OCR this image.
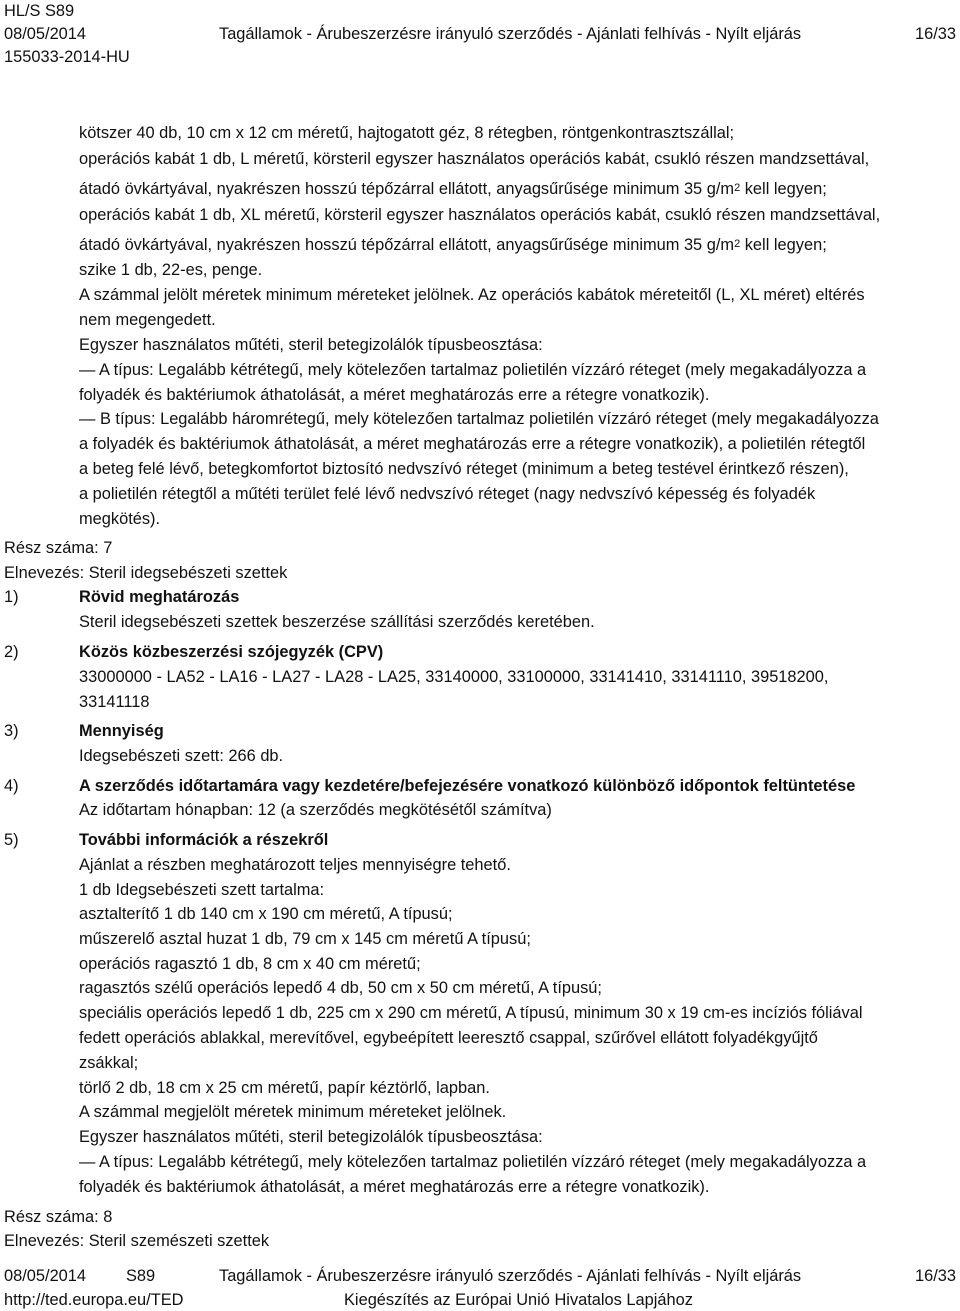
HL/S S89
08/05/2014
155033-2014-HU
Tagállamok - Árubeszerzésre irányuló szerződés - Ajánlati felhívás - Nyílt eljárás	16/33
kötszer 40 db, 10 cm x 12 cm méretű, hajtogatott géz, 8 rétegben, röntgenkontrasztszállal;
operációs kabát 1 db, L méretű, körsteril egyszer használatos operációs kabát, csukló részen mandzsettával,
átadó övkártyával, nyakrészen hosszú tépőzárral ellátott, anyagsűrűsége minimum 35 $g/m^2$ kell legyen;
operációs kabát 1 db, XL méretű, körsteril egyszer használatos operációs kabát, csukló részen mandzsettával,
átadó övkártyával, nyakrészen hosszú tépőzárral ellátott, anyagsűrűsége minimum 35 $g/m^2$ kell legyen;
szike 1 db, 22-es, penge.
A számmal jelölt méretek minimum méreteket jelölnek. Az operációs kabátok méreteitől (L, XL méret) eltérés
nem megengedett.
Egyszer használatos műtéti, steril betegizolálók típusbeosztása:
— A típus: Legalább kétrétegű, mely kötelezően tartalmaz polietilén vízzáró réteget (mely megakadályozza a
folyadék és baktériumok áthatolását, a méret meghatározás erre a rétegre vonatkozik).
— B típus: Legalább háromrétegű, mely kötelezően tartalmaz polietilén vízzáró réteget (mely megakadályozza
a folyadék és baktériumok áthatolását, a méret meghatározás erre a rétegre vonatkozik), a polietilén rétegtől
a beteg felé lévő, betegkomfortot biztosító nedvszívó réteget (minimum a beteg testével érintkező részen),
a polietilén rétegtől a műtéti terület felé lévő nedvszívó réteget (nagy nedvszívó képesség és folyadék
megkötés).
Rész száma: 7
Elnevezés: Steril idegsebészeti szettek
1)	Rövid meghatározás
Steril idegsebészeti szettek beszerzése szállítási szerződés keretében.
2)	Közös közbeszerzési szójegyzék (CPV)
33000000 - LA52 - LA16 - LA27 - LA28 - LA25, 33140000, 33100000, 33141410, 33141110, 39518200,
33141118
3)	Mennyiség
Idegsebészeti szett: 266 db.
4)	A szerződés időtartamára vagy kezdetére/befejezésére vonatkozó különböző időpontok feltüntetése
Az időtartam hónapban: 12 (a szerződés megkötésétől számítva)
5)	További információk a részekről
Ajánlat a részben meghatározott teljes mennyiségre tehető.
1 db Idegsebészeti szett tartalma:
asztalterítő 1 db 140 cm x 190 cm méretű, A típusú;
műszerelő asztal huzat 1 db, 79 cm x 145 cm méretű A típusú;
operációs ragasztó 1 db, 8 cm x 40 cm méretű;
ragasztós szélű operációs lepedő 4 db, 50 cm x 50 cm méretű, A típusú;
speciális operációs lepedő 1 db, 225 cm x 290 cm méretű, A típusú, minimum 30 x 19 cm-es incíziós fóliával
fedett operációs ablakkal, merevítővel, egybeépített leeresztő csappal, szűrővel ellátott folyadékgyűjtő
zsákkal;
törlő 2 db, 18 cm x 25 cm méretű, papír kéztörlő, lapban.
A számmal megjelölt méretek minimum méreteket jelölnek.
Egyszer használatos műtéti, steril betegizolálók típusbeosztása:
— A típus: Legalább kétrétegű, mely kötelezően tartalmaz polietilén vízzáró réteget (mely megakadályozza a
folyadék és baktériumok áthatolását, a méret meghatározás erre a rétegre vonatkozik).
Rész száma: 8
Elnevezés: Steril szemészeti szettek
08/05/2014 S89	Tagállamok - Árubeszerzésre irányuló szerződés - Ajánlati felhívás - Nyílt eljárás	16/33
http://ted.europa.eu/TED	Kiegészítés az Európai Unió Hivatalos Lapjához
